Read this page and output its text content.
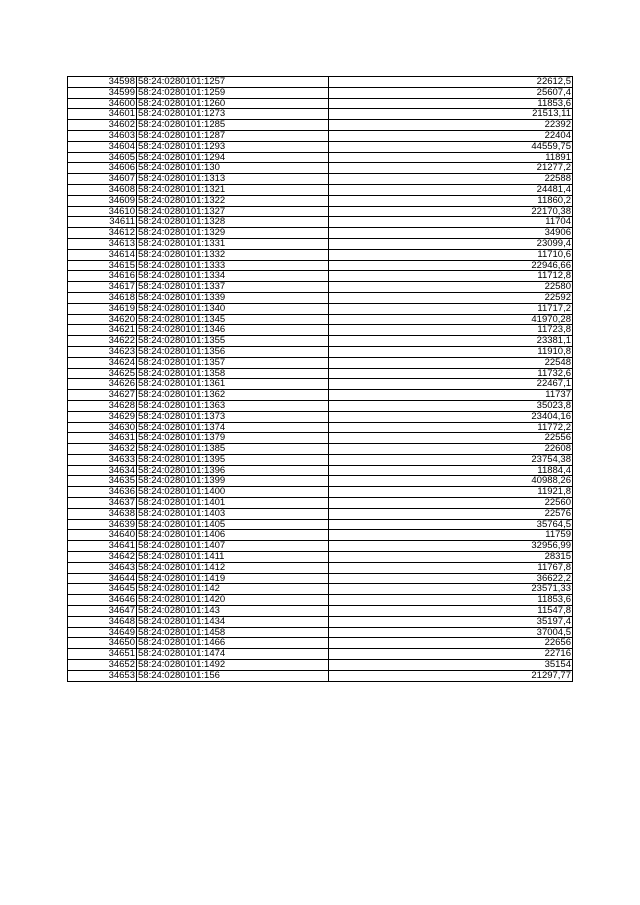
34598	58:24:0280101:1257	22612,5
34599	58:24:0280101:1259	25607,4
34600	58:24:0280101:1260	11853,6
34601	58:24:0280101:1273	21513,11
34602	58:24:0280101:1285	22392
34603	58:24:0280101:1287	22404
34604	58:24:0280101:1293	44559,75
34605	58:24:0280101:1294	11891
34606	58:24:0280101:130	21277,2
34607	58:24:0280101:1313	22588
34608	58:24:0280101:1321	24481,4
34609	58:24:0280101:1322	11860,2
34610	58:24:0280101:1327	22170,38
34611	58:24:0280101:1328	11704
34612	58:24:0280101:1329	34906
34613	58:24:0280101:1331	23099,4
34614	58:24:0280101:1332	11710,6
34615	58:24:0280101:1333	22946,66
34616	58:24:0280101:1334	11712,8
34617	58:24:0280101:1337	22580
34618	58:24:0280101:1339	22592
34619	58:24:0280101:1340	11717,2
34620	58:24:0280101:1345	41970,28
34621	58:24:0280101:1346	11723,8
34622	58:24:0280101:1355	23381,1
34623	58:24:0280101:1356	11910,8
34624	58:24:0280101:1357	22548
34625	58:24:0280101:1358	11732,6
34626	58:24:0280101:1361	22467,1
34627	58:24:0280101:1362	11737
34628	58:24:0280101:1363	35023,8
34629	58:24:0280101:1373	23404,16
34630	58:24:0280101:1374	11772,2
34631	58:24:0280101:1379	22556
34632	58:24:0280101:1385	22608
34633	58:24:0280101:1395	23754,38
34634	58:24:0280101:1396	11884,4
34635	58:24:0280101:1399	40988,26
34636	58:24:0280101:1400	11921,8
34637	58:24:0280101:1401	22560
34638	58:24:0280101:1403	22576
34639	58:24:0280101:1405	35764,5
34640	58:24:0280101:1406	11759
34641	58:24:0280101:1407	32956,99
34642	58:24:0280101:1411	28315
34643	58:24:0280101:1412	11767,8
34644	58:24:0280101:1419	36622,2
34645	58:24:0280101:142	23571,33
34646	58:24:0280101:1420	11853,6
34647	58:24:0280101:143	11547,8
34648	58:24:0280101:1434	35197,4
34649	58:24:0280101:1458	37004,5
34650	58:24:0280101:1466	22656
34651	58:24:0280101:1474	22716
34652	58:24:0280101:1492	35154
34653	58:24:0280101:156	21297,77
